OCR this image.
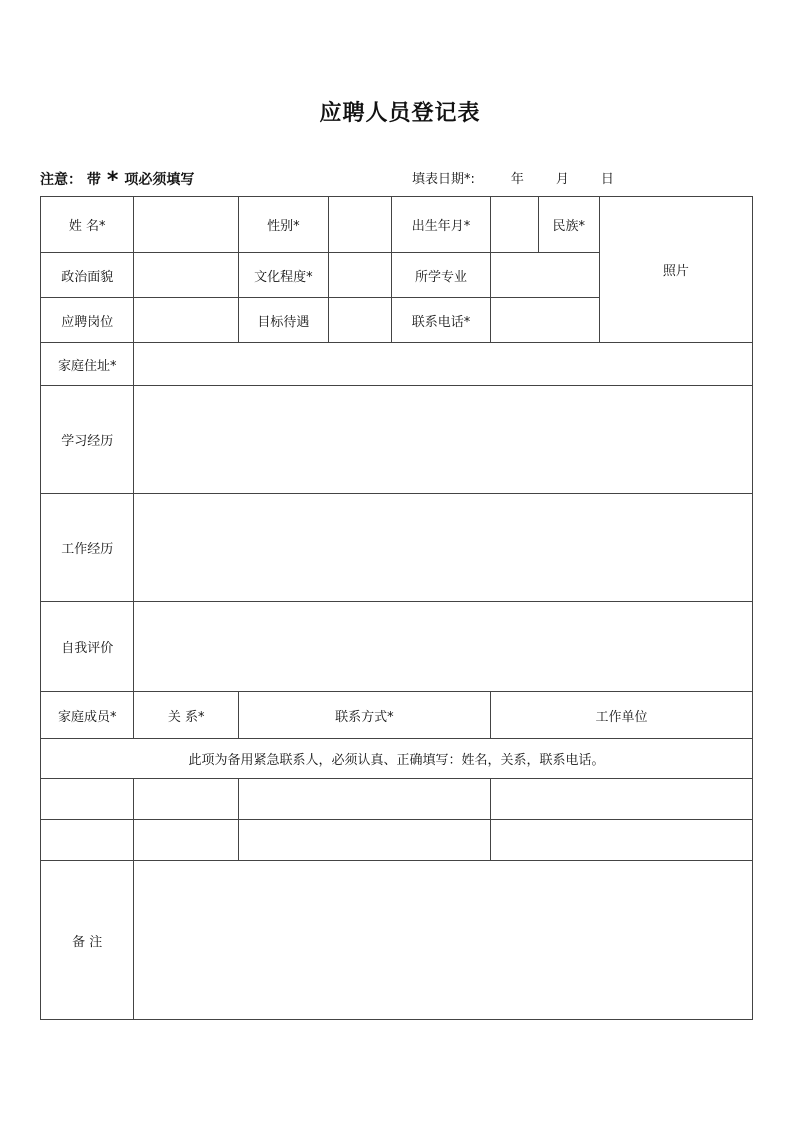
应聘人员登记表
注意： 带 * 项必须填写	填表日期*:	年 月 日
姓 名*		性别*		出生年月*		民族*	照片
政治面貌		文化程度*		所学专业			
应聘岗位		目标待遇		联系电话*			
家庭住址*							
学习经历							
工作经历							
自我评价							
家庭成员*	关 系*	联系方式*			工作单位		
此项为备用紧急联系人，必须认真、正确填写：姓名，关系，联系电话。							

备 注							
